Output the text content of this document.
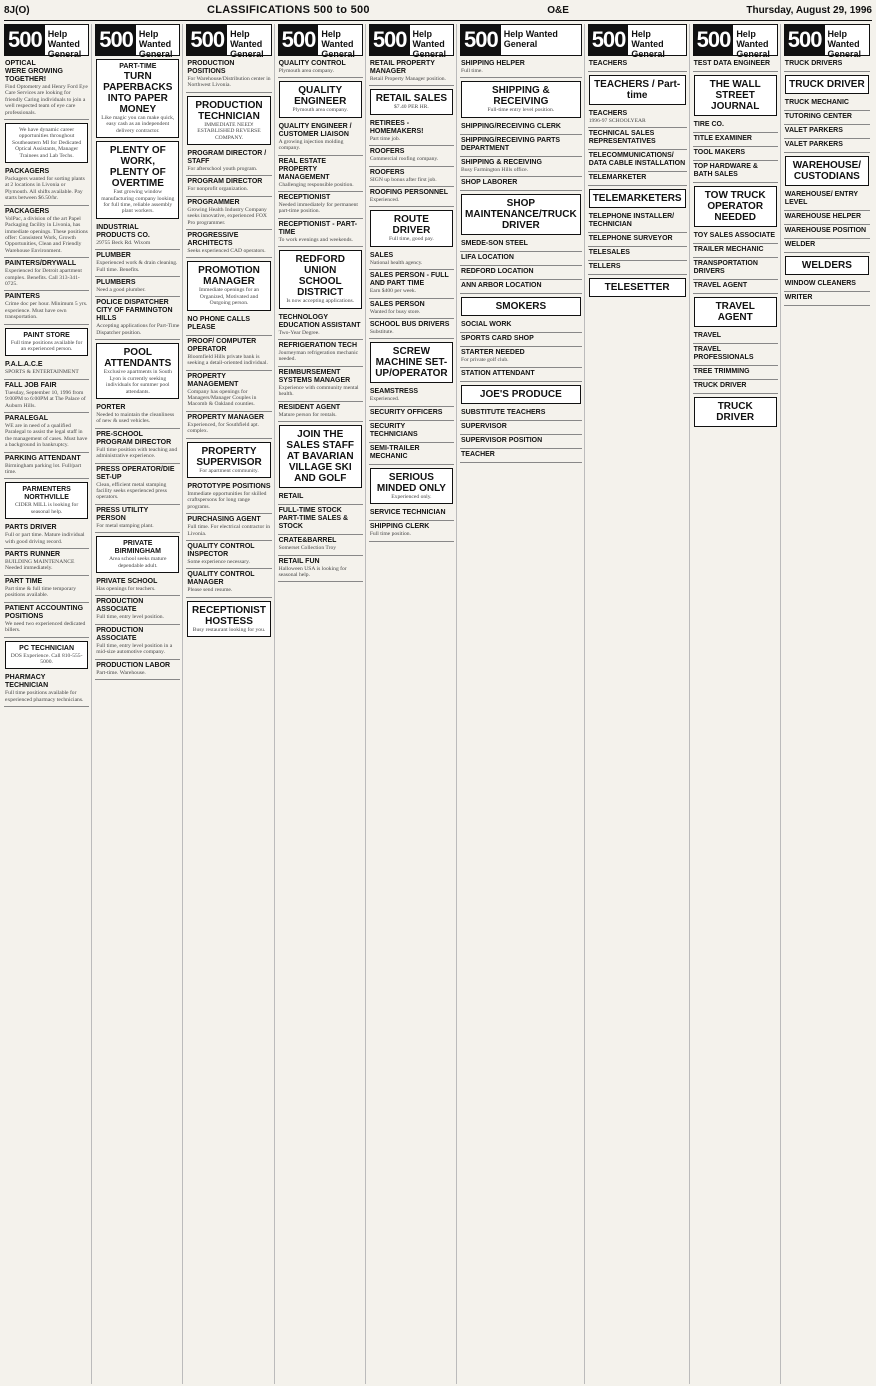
8J(O)	CLASSIFICATIONS 500 to 500	O&E	Thursday, August 29, 1996
500 Help Wanted
General
OPTICAL
WERE GROWING TOGETHER!
Find Optometry and Henry Ford Eye Care Services are looking for friendly Caring individuals to join a well respected team of eye care professionals.
We have dynamic career opportunities throughout Southeastern MI for Dedicated Optical Assistants, Manager Trainees and Lab Techs.
PACKAGERS
Packagers wanted for sorting plants at 2 locations in Livonia or Plymouth. All shifts available. Pay starts between $6.50/hr.
PACKAGERS
VolPac, a division of the art Papel Packaging facility in Livonia, has immediate openings. These positions offer: Consistent Work, Growth Opportunities, Clean and Friendly Warehouse Environment.
PAINTERS/DRYWALL
Experienced for Detroit apartment complex. Benefits. Call 313-341-0725.
PAINTERS
Crime doc per hour. Minimum 5 yrs. experience. Must have own transportation.
PAINT STORE
Full time positions available for an experienced person.
P.A.L.A.C.E
SPORTS & ENTERTAINMENT
FALL JOB FAIR
Tuesday, September 10, 1996 from 9:00PM to 6:00PM at The Palace of Auburn Hills.
PARALEGAL
WE are in need of a qualified Paralegal to assist the legal staff in the management of cases. Must have a background in bankruptcy.
PARKING ATTENDANT
Birmingham parking lot. Full/part time.
PARMENTERS NORTHVILLE
CIDER MILL is looking for seasonal help.
PARTS DRIVER
Full or part time. Mature individual with good driving record.
PARTS RUNNER
BUILDING MAINTENANCE Needed immediately.
PART TIME
Part time & full time temporary positions available.
PATIENT ACCOUNTING POSITIONS
We need two experienced dedicated billers.
PC TECHNICIAN
DOS Experience. Call 810-555-5000.
PHARMACY TECHNICIAN
Full time positions available for experienced pharmacy technicians.
500 Help Wanted
General
PART-TIME
TURN PAPERBACKS INTO PAPER MONEY
Like magic you can make quick, easy cash as an independent delivery contractor.
PLENTY OF WORK, PLENTY OF OVERTIME
Fast growing window manufacturing company looking for full time, reliable assembly plant workers.
INDUSTRIAL PRODUCTS CO.
29755 Beck Rd. Wixom
PLUMBER
Experienced work & drain cleaning. Full time. Benefits.
PLUMBERS
Need a good plumber.
POLICE DISPATCHER
CITY OF FARMINGTON HILLS
Accepting applications for Part-Time Dispatcher position.
POOL ATTENDANTS
Exclusive apartments in South Lyon is currently seeking individuals for summer pool attendants.
PORTER
Needed to maintain the cleanliness of new & used vehicles.
PRE-SCHOOL PROGRAM DIRECTOR
Full time position with teaching and administrative experience.
PRESS OPERATOR/DIE SET-UP
Clean, efficient metal stamping facility seeks experienced press operators.
PRESS UTILITY PERSON
For metal stamping plant.
PRIVATE BIRMINGHAM
Area school seeks mature dependable adult.
PRIVATE SCHOOL
Has openings for teachers.
PRODUCTION ASSOCIATE
Full time, entry level position.
PRODUCTION ASSOCIATE
Full time, entry level position in a mid-size automotive company.
PRODUCTION LABOR
Part-time. Warehouse.
500 Help Wanted
General
PRODUCTION POSITIONS
For Warehouse/Distribution center in Northwest Livonia.
PRODUCTION TECHNICIAN
IMMEDIATE NEED! ESTABLISHED REVERSE COMPANY.
PROGRAM DIRECTOR / STAFF
For afterschool youth program.
PROGRAM DIRECTOR
For nonprofit organization.
PROGRAMMER
Growing Health Industry Company seeks innovative, experienced FOX Pro programmer.
PROGRESSIVE ARCHITECTS
Seeks experienced CAD operators.
PROMOTION MANAGER
Immediate openings for an Organized, Motivated and Outgoing person.
NO PHONE CALLS PLEASE
PROOF/ COMPUTER OPERATOR
Bloomfield Hills private bank is seeking a detail-oriented individual.
PROPERTY MANAGEMENT
Company has openings for Managers/Manager Couples in Macomb & Oakland counties.
PROPERTY MANAGER
Experienced, for Southfield apt. complex.
PROPERTY SUPERVISOR
For apartment community.
PROTOTYPE POSITIONS
Immediate opportunities for skilled craftspersons for long range programs.
PURCHASING AGENT
Full time. For electrical contractor in Livonia.
QUALITY CONTROL INSPECTOR
Some experience necessary.
QUALITY CONTROL MANAGER
Please send resume.
RECEPTIONIST HOSTESS
Busy restaurant looking for you.
500 Help Wanted
General
QUALITY CONTROL
Plymouth area company.
QUALITY ENGINEER
Plymouth area company.
QUALITY ENGINEER / CUSTOMER LIAISON
A growing injection molding company.
REAL ESTATE PROPERTY MANAGEMENT
Challenging responsible position.
RECEPTIONIST
Needed immediately for permanent part-time position.
RECEPTIONIST - PART-TIME
To work evenings and weekends.
REDFORD UNION SCHOOL DISTRICT
Is now accepting applications.
TECHNOLOGY EDUCATION ASSISTANT
Two-Year Degree.
REFRIGERATION TECH
Journeyman refrigeration mechanic needed.
REIMBURSEMENT SYSTEMS MANAGER
Experience with community mental health.
RESIDENT AGENT
Mature person for rentals.
JOIN THE SALES STAFF AT BAVARIAN VILLAGE SKI AND GOLF
RETAIL
FULL-TIME STOCK PART-TIME SALES & STOCK
CRATE&BARREL
Somerset Collection Troy
RETAIL FUN
Halloween USA is looking for seasonal help.
500 Help Wanted
General
RETAIL PROPERTY MANAGER
Retail Property Manager position.
RETAIL SALES
$7.40 PER HR.
RETIREES - HOMEMAKERS!
Part time job.
ROOFERS
Commercial roofing company.
ROOFERS
SIGN up bonus after first job.
ROOFING PERSONNEL
Experienced.
ROUTE DRIVER
Full time, good pay.
SALES
National health agency.
SALES PERSON - FULL AND PART TIME
Earn $400 per week.
SALES PERSON
Wanted for busy store.
SCHOOL BUS DRIVERS
Substitute.
SCREW MACHINE SET-UP/OPERATOR
SEAMSTRESS
Experienced.
SECURITY OFFICERS
SECURITY TECHNICIANS
SEMI-TRAILER MECHANIC
SERIOUS MINDED ONLY
Experienced only.
SERVICE TECHNICIAN
SHIPPING CLERK
Full time position.
500 Help Wanted
General
SHIPPING HELPER
Full time.
SHIPPING & RECEIVING
Full-time entry level position.
SHIPPING/RECEIVING CLERK
SHIPPING/RECEIVING PARTS DEPARTMENT
SHIPPING & RECEIVING
Busy Farmington Hills office.
SHOP LABORER
SHOP MAINTENANCE/TRUCK DRIVER
SMEDE-SON STEEL
LIFA LOCATION
REDFORD LOCATION
ANN ARBOR LOCATION
SMOKERS
SOCIAL WORK
SPORTS CARD SHOP
STARTER NEEDED
For private golf club.
STATION ATTENDANT
JOE'S PRODUCE
SUBSTITUTE TEACHERS
SUPERVISOR
SUPERVISOR POSITION
TEACHER
500 Help Wanted
General
TEACHERS
TEACHERS / Part-time
TEACHERS
1996-97 SCHOOLYEAR
TECHNICAL SALES REPRESENTATIVES
TELECOMMUNICATIONS/ DATA CABLE INSTALLATION
TELEMARKETER
TELEMARKETERS
TELEPHONE INSTALLER/ TECHNICIAN
TELEPHONE SURVEYOR
TELESALES
TELLERS
TELESETTER
500 Help Wanted
General
TEST DATA ENGINEER
THE WALL STREET JOURNAL
TIRE CO.
TITLE EXAMINER
TOOL MAKERS
TOP HARDWARE & BATH SALES
TOW TRUCK OPERATOR NEEDED
TOY SALES ASSOCIATE
TRAILER MECHANIC
TRANSPORTATION DRIVERS
TRAVEL AGENT
TRAVEL AGENT
TRAVEL
TRAVEL PROFESSIONALS
TREE TRIMMING
TRUCK DRIVER
TRUCK DRIVER
500 Help Wanted
General
TRUCK DRIVERS
TRUCK DRIVER
TRUCK MECHANIC
TUTORING CENTER
VALET PARKERS
VALET PARKERS
WAREHOUSE/ CUSTODIANS
WAREHOUSE/ ENTRY LEVEL
WAREHOUSE HELPER
WAREHOUSE POSITION
WELDER
WELDERS
WINDOW CLEANERS
WRITER
